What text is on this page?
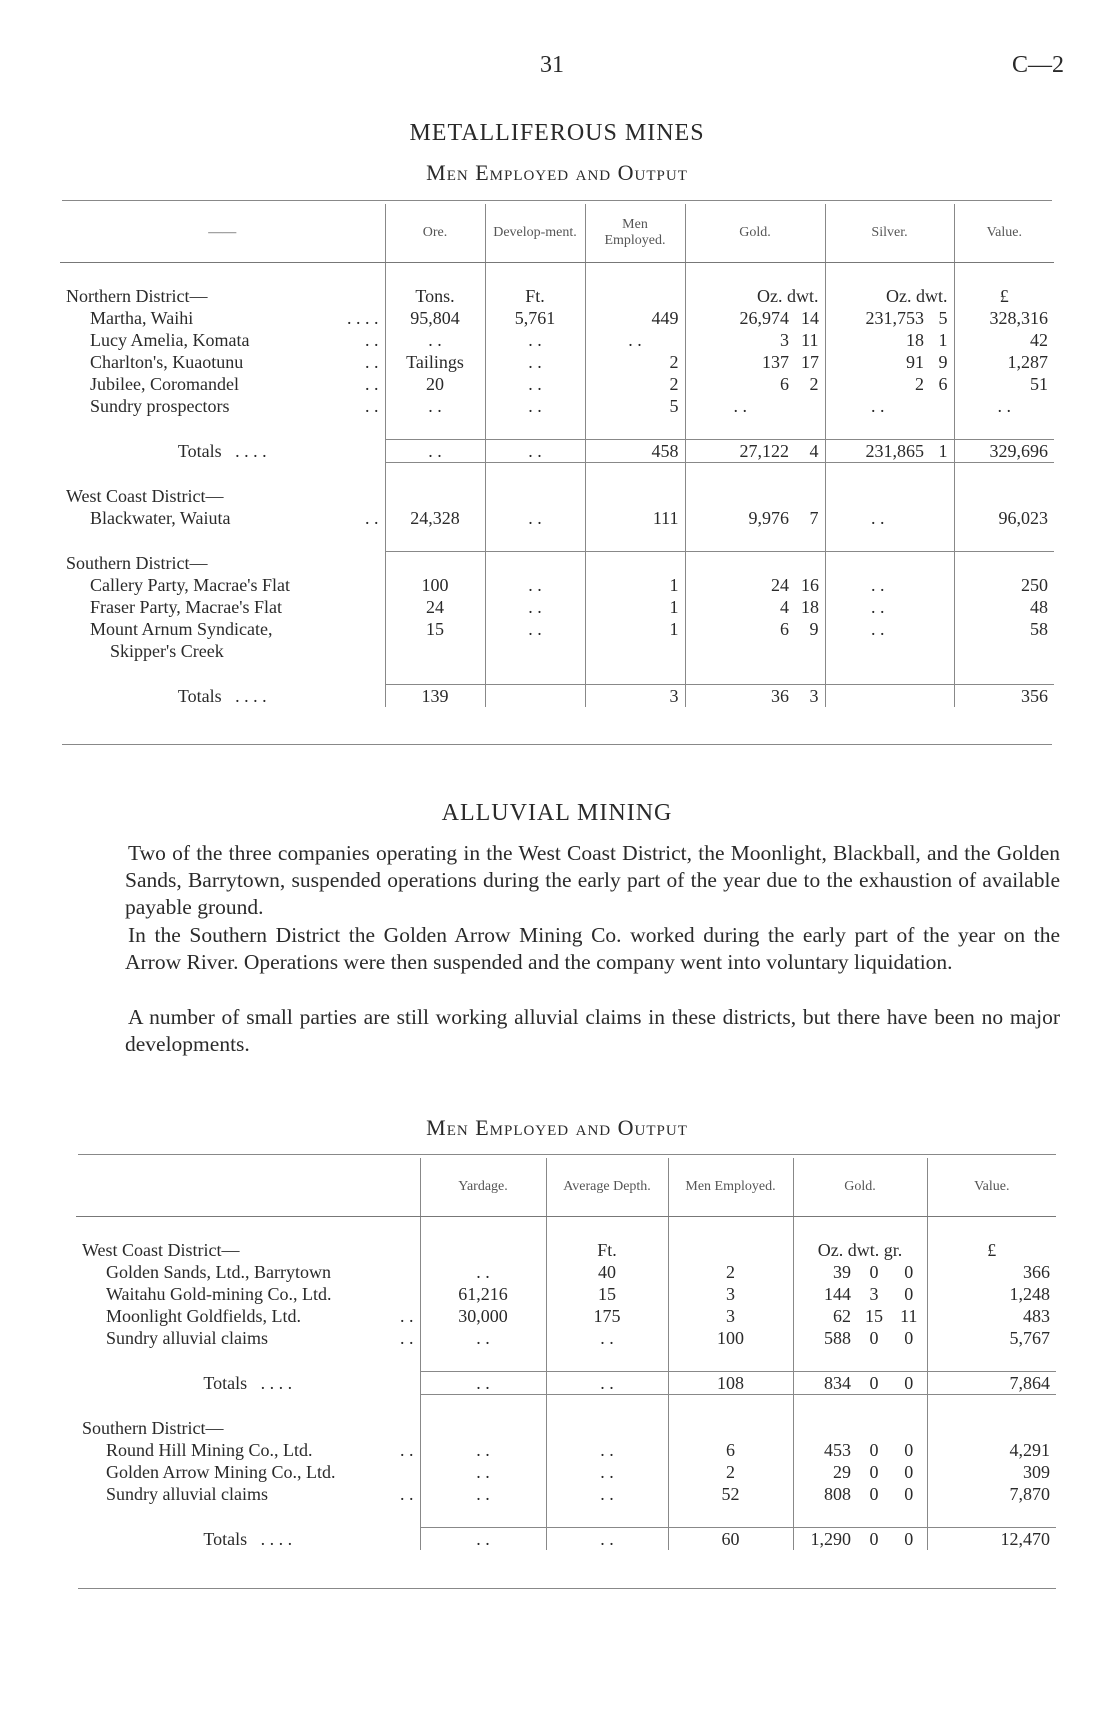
31	C—2
METALLIFEROUS MINES
Men Employed and Output
——	Ore.	Develop-ment.	Men Employed.	Gold.		Silver.		Value.

Northern District—	Tons.	Ft.		Oz. dwt.		Oz. dwt.		£
Martha, Waihi . . . .	95,804	5,761	449	26,974	14	231,753	5	328,316
Lucy Amelia, Komata . .	. .	. .	. .	3	11	18	1	42
Charlton's, Kuaotunu . .	Tailings	. .	2	137	17	91	9	1,287
Jubilee, Coromandel . .	20	. .	2	6	2	2	6	51
Sundry prospectors . .	. .	. .	5	. .		. .		. .

Totals . . . .	. .	. .	458	27,122	4	231,865	1	329,696

West Coast District—								
Blackwater, Waiuta . .	24,328	. .	111	9,976	7	. .		96,023

Southern District—								
Callery Party, Macrae's Flat	100	. .	1	24	16	. .		250
Fraser Party, Macrae's Flat	24	. .	1	4	18	. .		48
Mount Arnum Syndicate,	15	. .	1	6	9	. .		58
Skipper's Creek								

Totals . . . .	139		3	36	3			356
ALLUVIAL MINING
Two of the three companies operating in the West Coast District, the Moonlight, Blackball, and the Golden Sands, Barrytown, suspended operations during the early part of the year due to the exhaustion of available payable ground.
In the Southern District the Golden Arrow Mining Co. worked during the early part of the year on the Arrow River. Operations were then suspended and the company went into voluntary liquidation.
A number of small parties are still working alluvial claims in these districts, but there have been no major developments.
Men Employed and Output
	Yardage.	Average Depth.	Men Employed.	Gold.			Value.

West Coast District—		Ft.		Oz. dwt. gr.			£
Golden Sands, Ltd., Barrytown	. .	40	2	39	0	0	366
Waitahu Gold-mining Co., Ltd.	61,216	15	3	144	3	0	1,248
Moonlight Goldfields, Ltd. . .	30,000	175	3	62	15	11	483
Sundry alluvial claims . .	. .	. .	100	588	0	0	5,767

Totals . . . .	. .	. .	108	834	0	0	7,864

Southern District—							
Round Hill Mining Co., Ltd. . .	. .	. .	6	453	0	0	4,291
Golden Arrow Mining Co., Ltd.	. .	. .	2	29	0	0	309
Sundry alluvial claims . .	. .	. .	52	808	0	0	7,870

Totals . . . .	. .	. .	60	1,290	0	0	12,470
